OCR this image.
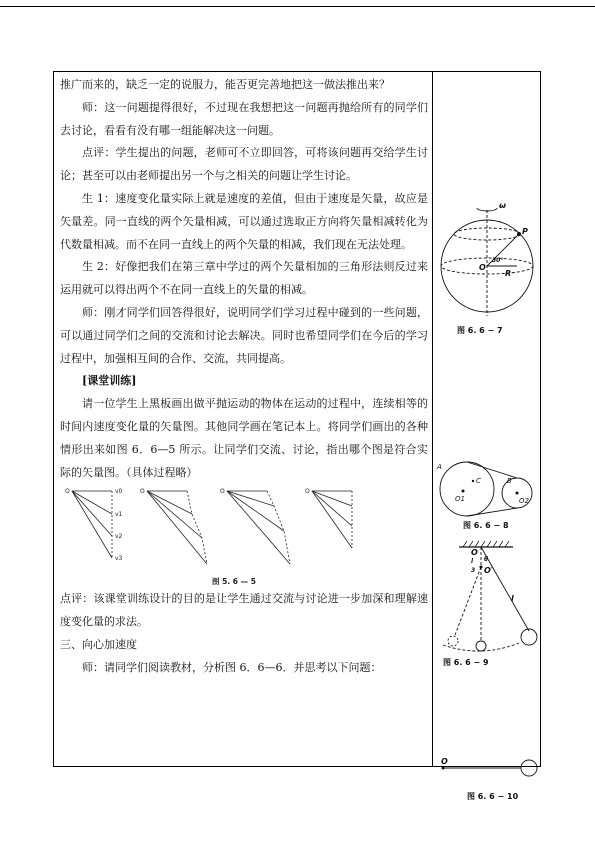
推广而来的，缺乏一定的说服力，能否更完善地把这一做法推出来？

师：这一问题提得很好，不过现在我想把这一问题再抛给所有的同学们去讨论，看看有没有哪一组能解决这一问题。

点评：学生提出的问题，老师可不立即回答，可将该问题再交给学生讨论；甚至可以由老师提出另一个与之相关的问题让学生讨论。

生 1：速度变化量实际上就是速度的差值，但由于速度是矢量，故应是矢量差。同一直线的两个矢量相减，可以通过选取正方向将矢量相减转化为代数量相减。而不在同一直线上的两个矢量的相减，我们现在无法处理。

生 2：好像把我们在第三章中学过的两个矢量相加的三角形法则反过来运用就可以得出两个不在同一直线上的矢量的相减。

师：刚才同学们回答得很好，说明同学们学习过程中碰到的一些问题，可以通过同学们之间的交流和讨论去解决。同时也希望同学们在今后的学习过程中，加强相互间的合作、交流，共同提高。

[课堂训练]

请一位学生上黑板画出做平抛运动的物体在运动的过程中，连续相等的时间内速度变化量的矢量图。其他同学画在笔记本上。将同学们画出的各种情形出来如图 6．6—5 所示。让同学们交流、讨论，指出哪个图是符合实际的矢量图。（具体过程略）

O	v0
v1
v2
v3
O	O	O
图 5. 6 — 5

点评：该课堂训练设计的目的是让学生通过交流与讨论进一步加深和理解速度变化量的求法。

三、向心加速度

师：请同学们阅读教材，分析图 6．6—6．并思考以下问题：

ω
P
O
30°
R
图 6. 6 − 7
A
B
C
O1	O2
图 6. 6 − 8
O
l
3
θ
O′
l
图 6. 6 − 9
O
图 6. 6 − 10
